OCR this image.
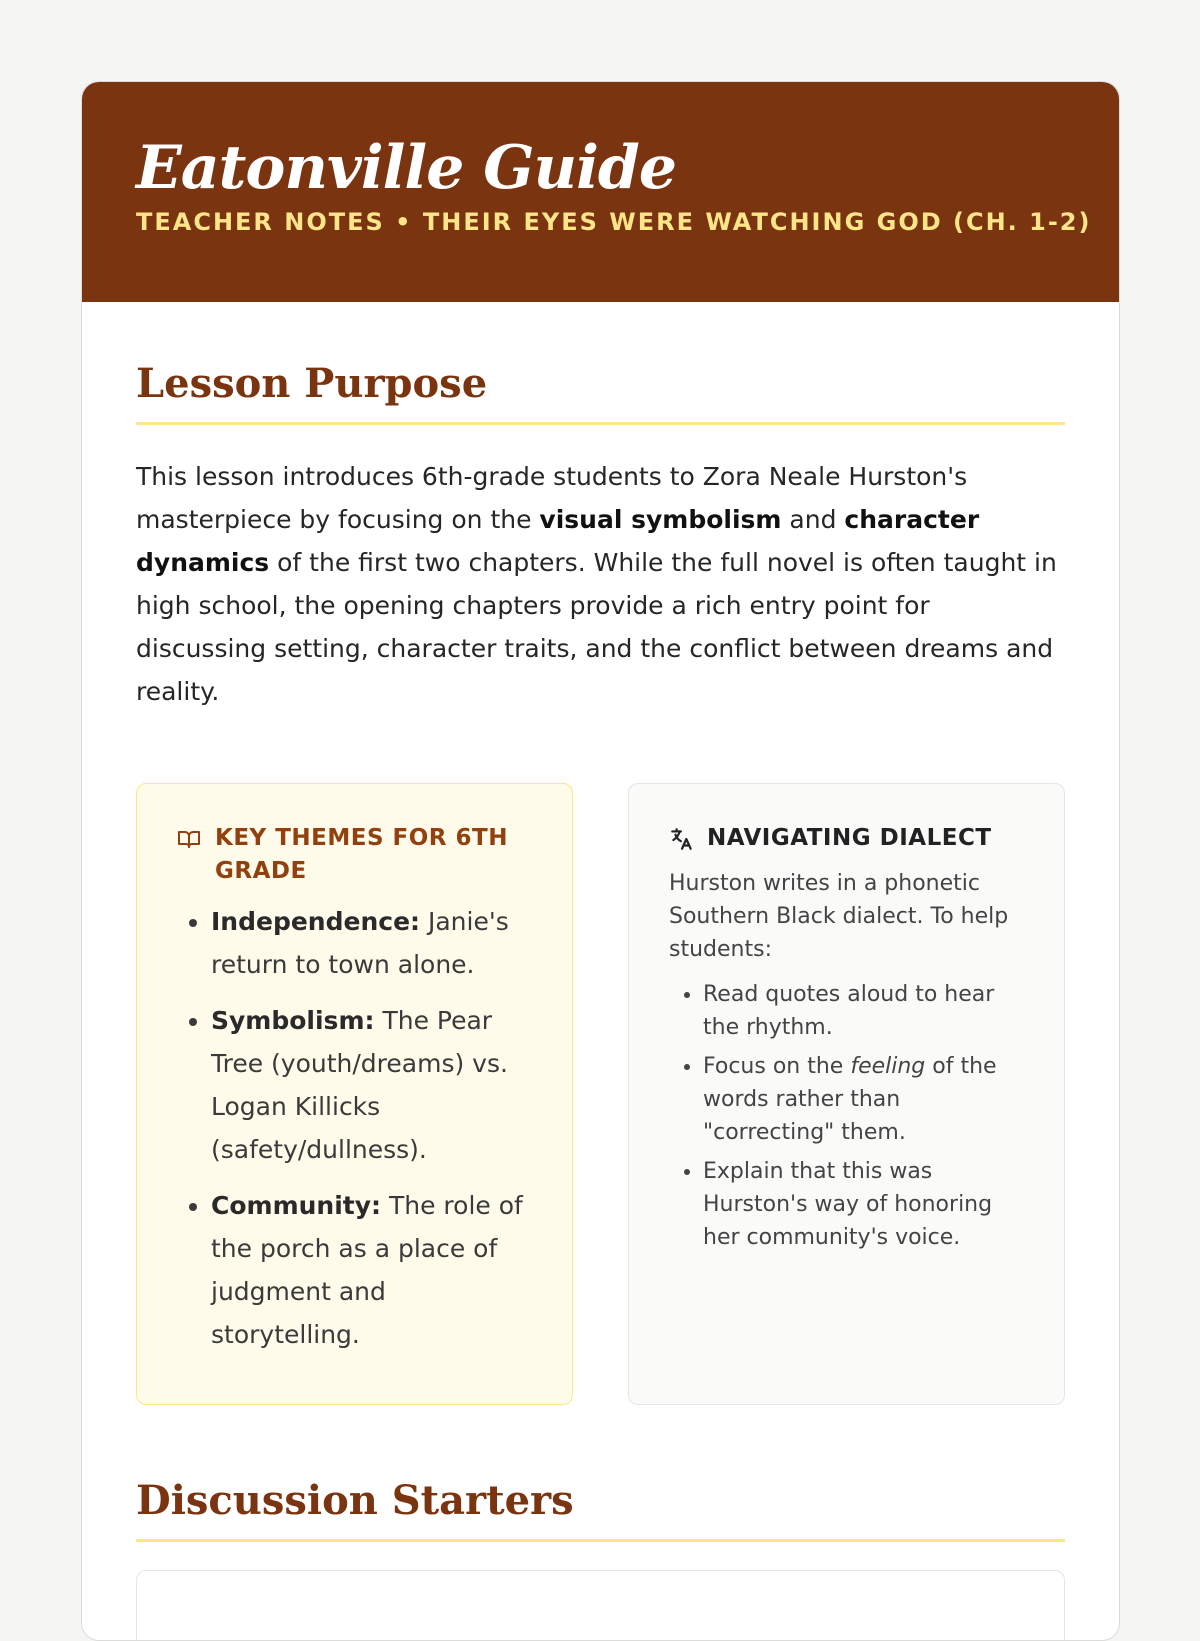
Eatonville Guide
TEACHER NOTES • THEIR EYES WERE WATCHING GOD (CH. 1-2)
Lesson Purpose

This lesson introduces 6th-grade students to Zora Neale Hurston's masterpiece by focusing on the visual symbolism and character dynamics of the first two chapters. While the full novel is often taught in high school, the opening chapters provide a rich entry point for discussing setting, character traits, and the conflict between dreams and reality.

KEY THEMES FOR 6TH GRADE
• Independence: Janie's return to town alone.
• Symbolism: The Pear Tree (youth/dreams) vs. Logan Killicks (safety/dullness).
• Community: The role of the porch as a place of judgment and storytelling.
NAVIGATING DIALECT

Hurston writes in a phonetic Southern Black dialect. To help students:

• Read quotes aloud to hear the rhythm.
• Focus on the feeling of the words rather than "correcting" them.
• Explain that this was Hurston's way of honoring her community's voice.
Discussion Starters
